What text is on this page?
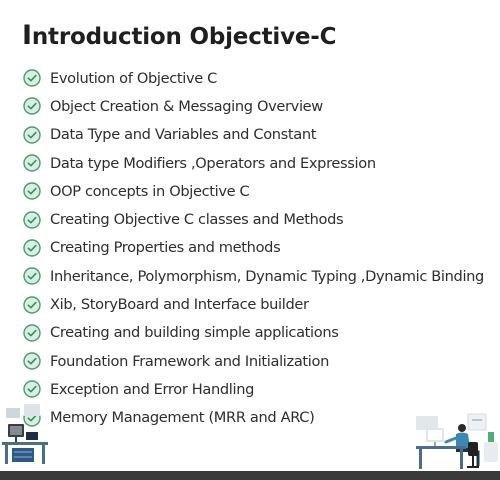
Introduction Objective-C
Evolution of Objective C
Object Creation & Messaging Overview
Data Type and Variables and Constant
Data type Modifiers ,Operators and Expression
OOP concepts in Objective C
Creating Objective C classes and Methods
Creating Properties and methods
Inheritance, Polymorphism, Dynamic Typing ,Dynamic Binding
Xib, StoryBoard and Interface builder
Creating and building simple applications
Foundation Framework and Initialization
Exception and Error Handling
Memory Management (MRR and ARC)
